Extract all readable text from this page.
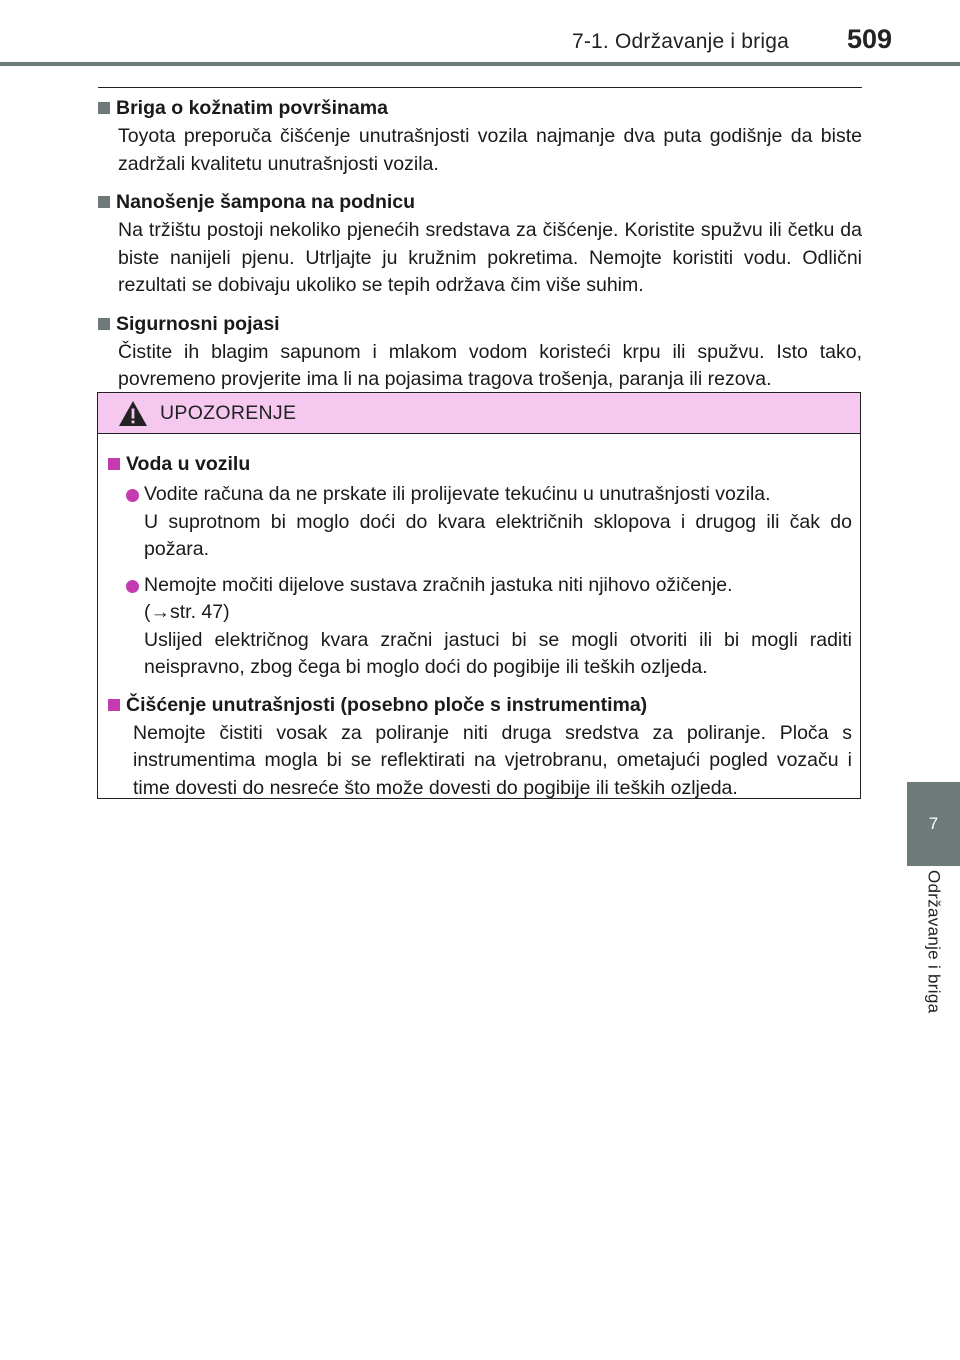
7-1. Održavanje i briga 509
7
Održavanje i briga
Briga o kožnatim površinama
Toyota preporuča čišćenje unutrašnjosti vozila najmanje dva puta godišnje da biste zadržali kvalitetu unutrašnjosti vozila.
Nanošenje šampona na podnicu
Na tržištu postoji nekoliko pjenećih sredstava za čišćenje. Koristite spužvu ili četku da biste nanijeli pjenu. Utrljajte ju kružnim pokretima. Nemojte koristiti vodu. Odlični rezultati se dobivaju ukoliko se tepih održava čim više suhim.
Sigurnosni pojasi
Čistite ih blagim sapunom i mlakom vodom koristeći krpu ili spužvu. Isto tako, povremeno provjerite ima li na pojasima tragova trošenja, paranja ili rezova.
UPOZORENJE
Voda u vozilu
Vodite računa da ne prskate ili prolijevate tekućinu u unutrašnjosti vozila.
U suprotnom bi moglo doći do kvara električnih sklopova i drugog ili čak do požara.
Nemojte močiti dijelove sustava zračnih jastuka niti njihovo ožičenje.
(→str. 47)
Uslijed električnog kvara zračni jastuci bi se mogli otvoriti ili bi mogli raditi neispravno, zbog čega bi moglo doći do pogibije ili teških ozljeda.
Čišćenje unutrašnjosti (posebno ploče s instrumentima)
Nemojte čistiti vosak za poliranje niti druga sredstva za poliranje. Ploča s instrumentima mogla bi se reflektirati na vjetrobranu, ometajući pogled vozaču i time dovesti do nesreće što može dovesti do pogibije ili teških ozljeda.
